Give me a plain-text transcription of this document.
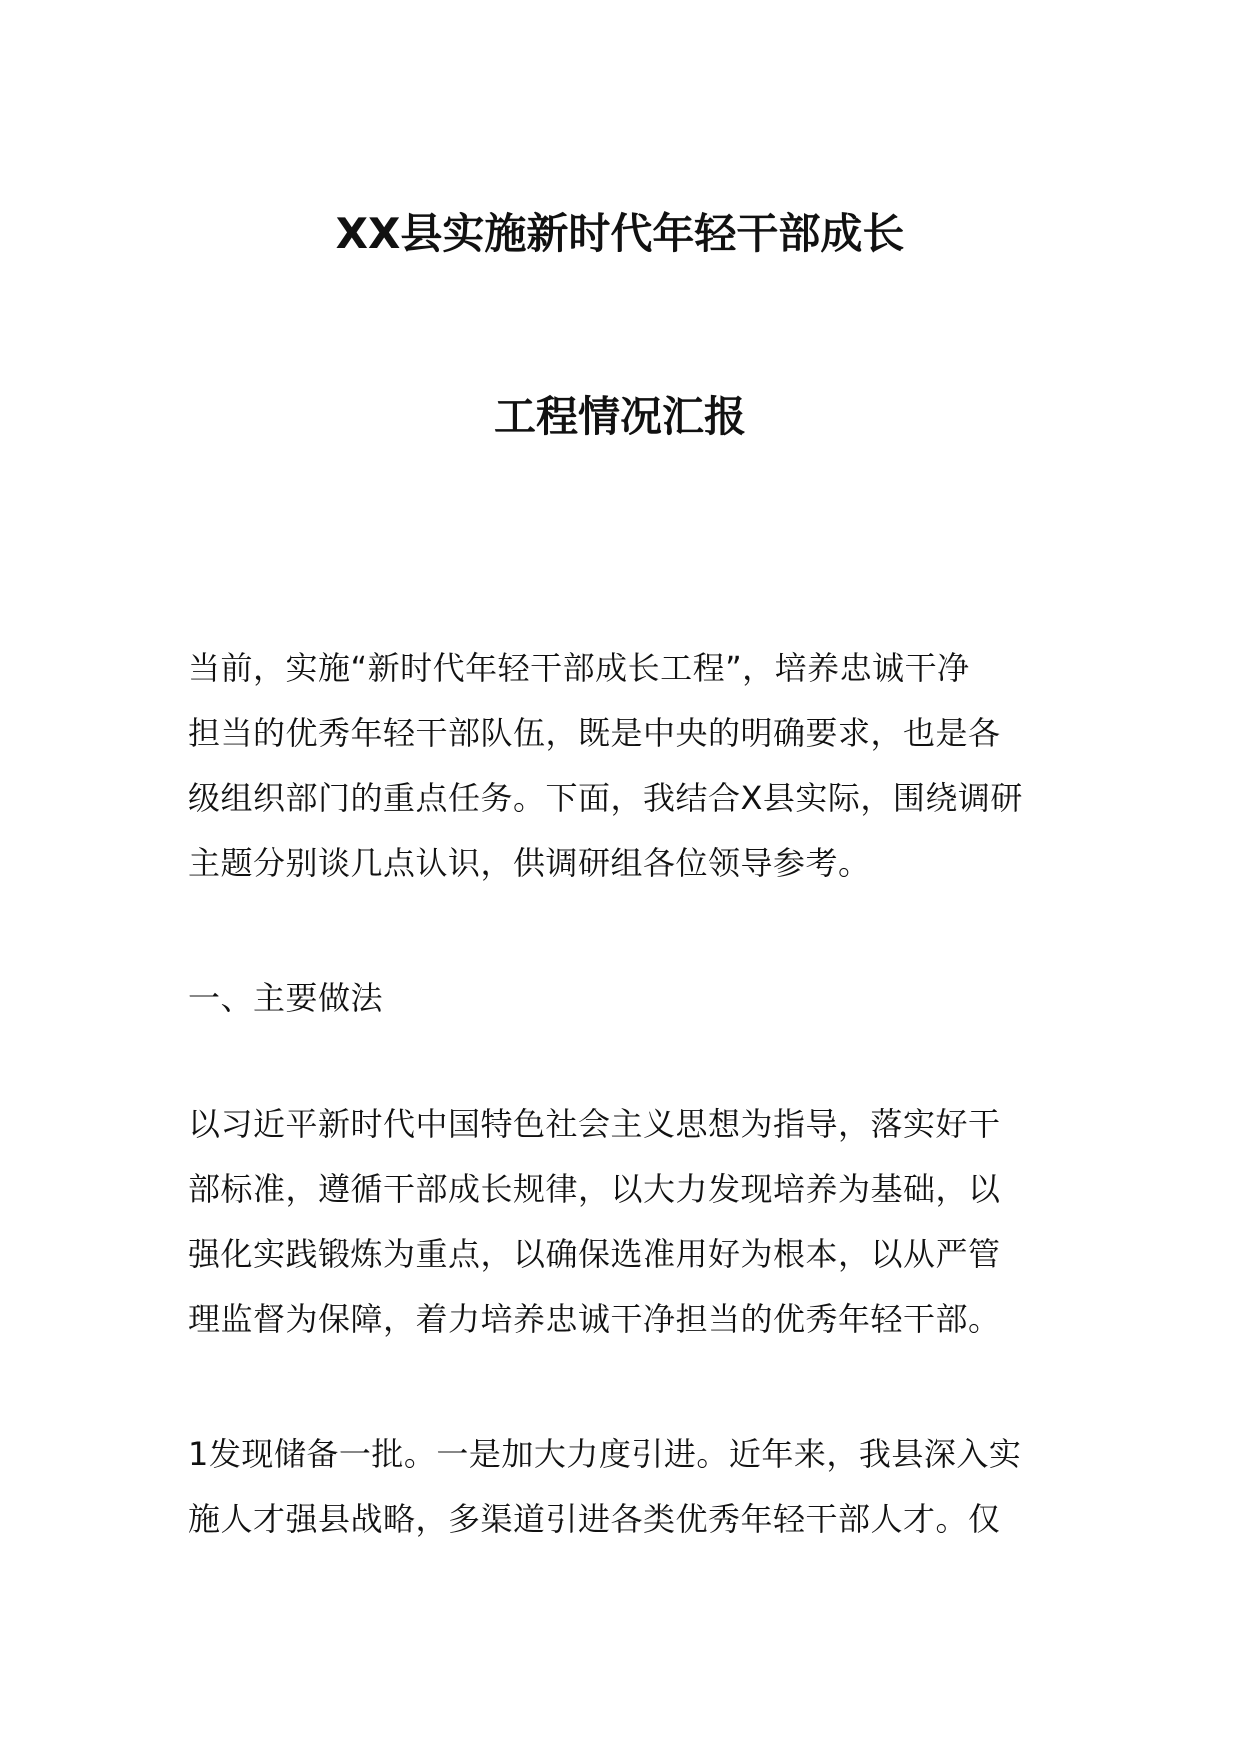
XX县实施新时代年轻干部成长
工程情况汇报
当前，实施“新时代年轻干部成长工程”，培养忠诚干净
担当的优秀年轻干部队伍，既是中央的明确要求，也是各
级组织部门的重点任务。下面，我结合X县实际，围绕调研
主题分别谈几点认识，供调研组各位领导参考。
一、主要做法
以习近平新时代中国特色社会主义思想为指导，落实好干
部标准，遵循干部成长规律，以大力发现培养为基础，以
强化实践锻炼为重点，以确保选准用好为根本，以从严管
理监督为保障，着力培养忠诚干净担当的优秀年轻干部。
1发现储备一批。一是加大力度引进。近年来，我县深入实
施人才强县战略，多渠道引进各类优秀年轻干部人才。仅
